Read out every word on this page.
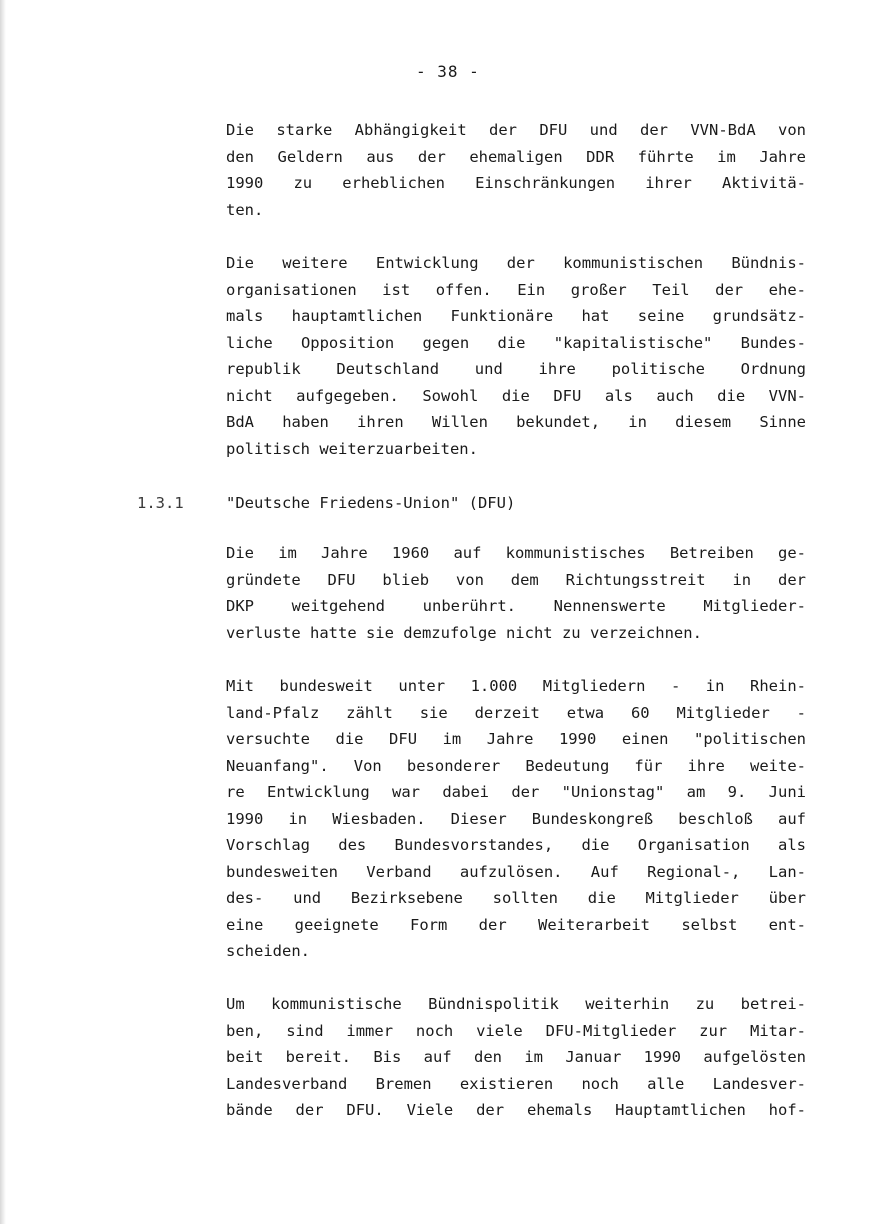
- 38 -

Die starke Abhängigkeit der DFU und der VVN-BdA von
den Geldern aus der ehemaligen DDR führte im Jahre
1990 zu erheblichen Einschränkungen ihrer Aktivitä-
ten.

Die weitere Entwicklung der kommunistischen Bündnis-
organisationen ist offen. Ein großer Teil der ehe-
mals hauptamtlichen Funktionäre hat seine grundsätz-
liche Opposition gegen die "kapitalistische" Bundes-
republik Deutschland und ihre politische Ordnung
nicht aufgegeben. Sowohl die DFU als auch die VVN-
BdA haben ihren Willen bekundet, in diesem Sinne
politisch weiterzuarbeiten.

1.3.1	"Deutsche Friedens-Union" (DFU)

Die im Jahre 1960 auf kommunistisches Betreiben ge-
gründete DFU blieb von dem Richtungsstreit in der
DKP weitgehend unberührt. Nennenswerte Mitglieder-
verluste hatte sie demzufolge nicht zu verzeichnen.

Mit bundesweit unter 1.000 Mitgliedern - in Rhein-
land-Pfalz zählt sie derzeit etwa 60 Mitglieder -
versuchte die DFU im Jahre 1990 einen "politischen
Neuanfang". Von besonderer Bedeutung für ihre weite-
re Entwicklung war dabei der "Unionstag" am 9. Juni
1990 in Wiesbaden. Dieser Bundeskongreß beschloß auf
Vorschlag des Bundesvorstandes, die Organisation als
bundesweiten Verband aufzulösen. Auf Regional-, Lan-
des- und Bezirksebene sollten die Mitglieder über
eine geeignete Form der Weiterarbeit selbst ent-
scheiden.

Um kommunistische Bündnispolitik weiterhin zu betrei-
ben, sind immer noch viele DFU-Mitglieder zur Mitar-
beit bereit. Bis auf den im Januar 1990 aufgelösten
Landesverband Bremen existieren noch alle Landesver-
bände der DFU. Viele der ehemals Hauptamtlichen hof-
